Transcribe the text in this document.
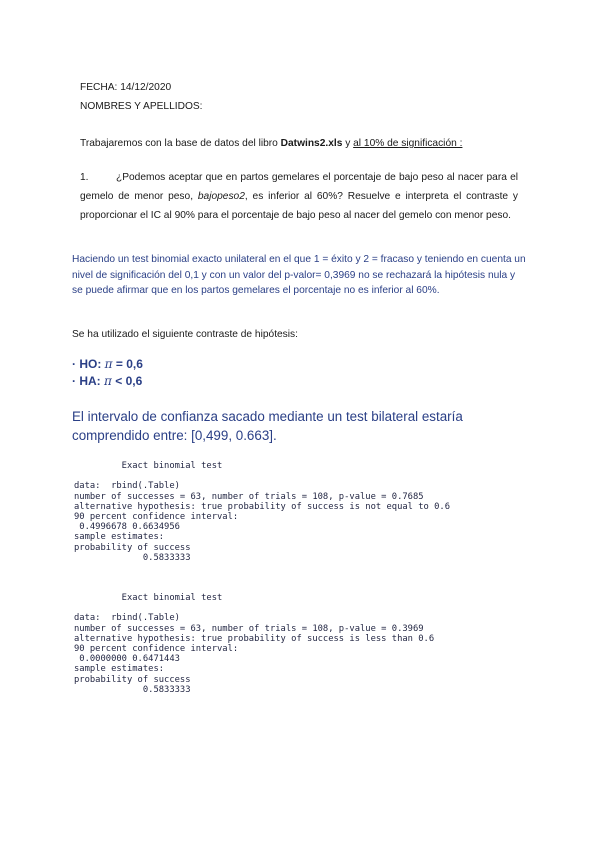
FECHA: 14/12/2020

NOMBRES Y APELLIDOS:

Trabajaremos con la base de datos del libro Datwins2.xls y al 10% de significación :

1.	¿Podemos aceptar que en partos gemelares el porcentaje de bajo peso al nacer para el gemelo de menor peso, bajopeso2, es inferior al 60%? Resuelve e interpreta el contraste y proporcionar el IC al 90% para el porcentaje de bajo peso al nacer del gemelo con menor peso.

Haciendo un test binomial exacto unilateral en el que 1 = éxito y 2 = fracaso y teniendo en cuenta un nivel de significación del 0,1 y con un valor del p-valor= 0,3969 no se rechazará la hipótesis nula y se puede afirmar que en los partos gemelares el porcentaje no es inferior al 60%.

Se ha utilizado el siguiente contraste de hipótesis:

· HO: π = 0,6
· HA: π < 0,6

El intervalo de confianza sacado mediante un test bilateral estaría comprendido entre: [0,499, 0.663].

Exact binomial test

data:  rbind(.Table)
number of successes = 63, number of trials = 108, p-value = 0.7685
alternative hypothesis: true probability of success is not equal to 0.6
90 percent confidence interval:
0.4996678 0.6634956
sample estimates:
probability of success
0.5833333
Exact binomial test

data:  rbind(.Table)
number of successes = 63, number of trials = 108, p-value = 0.3969
alternative hypothesis: true probability of success is less than 0.6
90 percent confidence interval:
0.0000000 0.6471443
sample estimates:
probability of success
0.5833333
